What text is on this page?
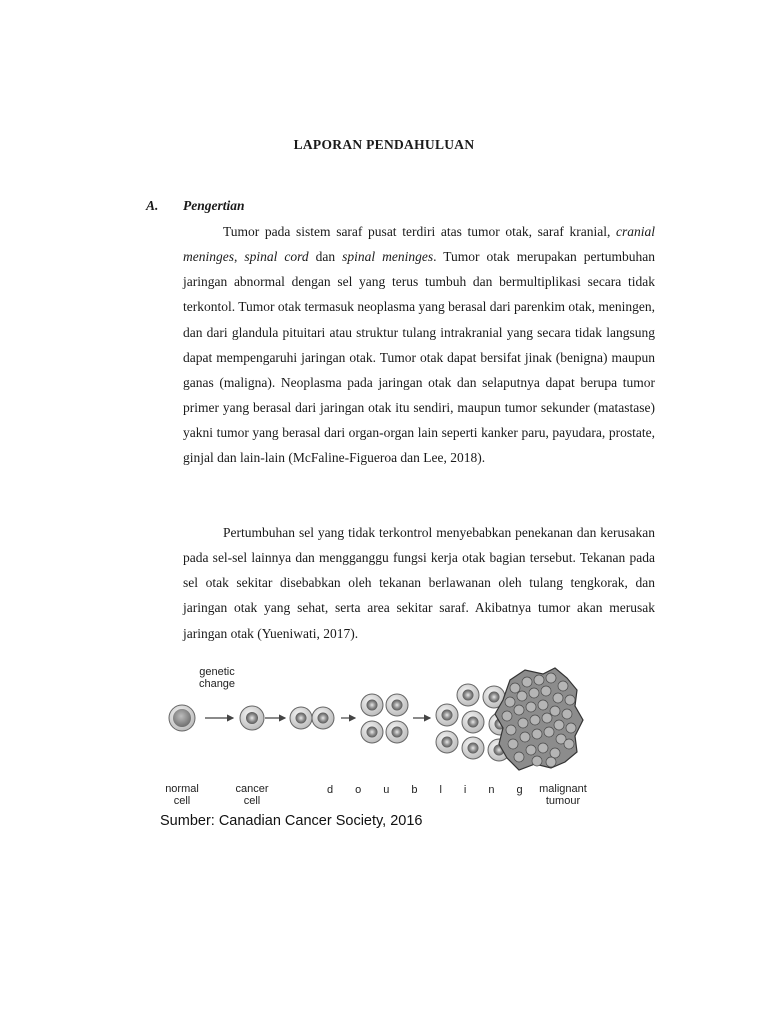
LAPORAN PENDAHULUAN
A. Pengertian

Tumor pada sistem saraf pusat terdiri atas tumor otak, saraf kranial, cranial meninges, spinal cord dan spinal meninges. Tumor otak merupakan pertumbuhan jaringan abnormal dengan sel yang terus tumbuh dan bermultiplikasi secara tidak terkontol. Tumor otak termasuk neoplasma yang berasal dari parenkim otak, meningen, dan dari glandula pituitari atau struktur tulang intrakranial yang secara tidak langsung dapat mempengaruhi jaringan otak. Tumor otak dapat bersifat jinak (benigna) maupun ganas (maligna). Neoplasma pada jaringan otak dan selaputnya dapat berupa tumor primer yang berasal dari jaringan otak itu sendiri, maupun tumor sekunder (matastase) yakni tumor yang berasal dari organ-organ lain seperti kanker paru, payudara, prostate, ginjal dan lain-lain (McFaline-Figueroa dan Lee, 2018).

Pertumbuhan sel yang tidak terkontrol menyebabkan penekanan dan kerusakan pada sel-sel lainnya dan mengganggu fungsi kerja otak bagian tersebut. Tekanan pada sel otak sekitar disebabkan oleh tekanan berlawanan oleh tulang tengkorak, dan jaringan otak yang sehat, serta area sekitar saraf. Akibatnya tumor akan merusak jaringan otak (Yueniwati, 2017).

genetic
change
normal
cell
cancer
cell
doubling
malignant
tumour
Sumber: Canadian Cancer Society, 2016
